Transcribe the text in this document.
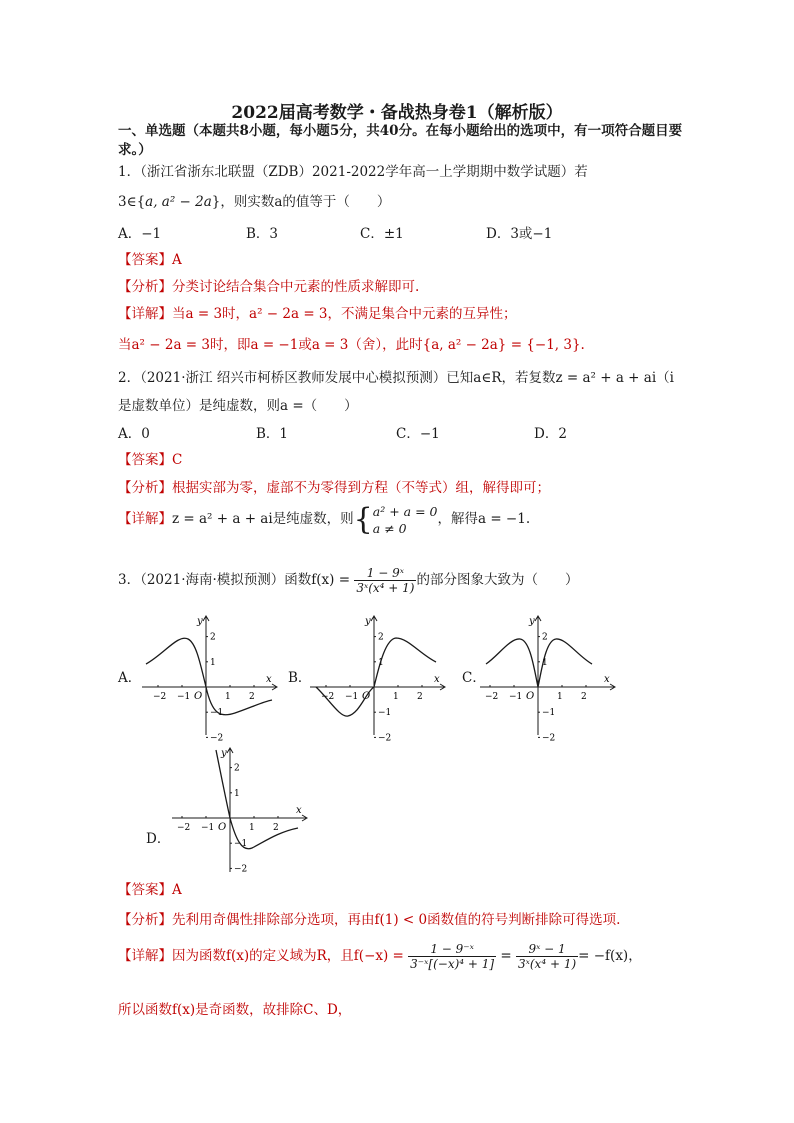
2022届高考数学・备战热身卷1（解析版）
一、单选题（本题共8小题，每小题5分，共40分。在每小题给出的选项中，有一项符合题目要求。）
1．（浙江省浙东北联盟（ZDB）2021-2022学年高一上学期期中数学试题）若
3∈{a, a² − 2a}，则实数a的值等于（　　）
A．−1	B．3	C．±1	D．3或−1
【答案】A
【分析】分类讨论结合集合中元素的性质求解即可.
【详解】当a = 3时，a² − 2a = 3，不满足集合中元素的互异性；
当a² − 2a = 3时，即a = −1或a = 3（舍），此时{a, a² − 2a} = {−1, 3}.
2．（2021·浙江 绍兴市柯桥区教师发展中心模拟预测）已知a∈R，若复数z = a² + a + ai（i
是虚数单位）是纯虚数，则a =（　　）
A．0	B．1	C．−1	D．2
【答案】C
【分析】根据实部为零，虚部不为零得到方程（不等式）组，解得即可；
【详解】z = a² + a + ai是纯虚数，则{ a² + a = 0
a ≠ 0
，解得a = −1.
3．（2021·海南·模拟预测）函数$f(x) = \frac{\text{1 − 9ˣ}}{\text{3ˣ(x⁴ + 1)}}$ 的部分图象大致为（　　）
A．	B．	C．
D．
x
y
O
−2 −1	1 2
2
1
−1
−2
x
y
O
−2 −1	1 2
2
1
−1
−2
x
y
O
−2 −1	1 2
2
1
−1
−2
x
y
O
−2 −1	1 2
2
1
−1
−2
【答案】A
【分析】先利用奇偶性排除部分选项，再由f(1) < 0函数值的符号判断排除可得选项.
【详解】因为函数f(x)的定义域为R，且$f(-x) = \frac{\text{1 − 9⁻ˣ}}{\text{3⁻ˣ[(−x)⁴ + 1]}} = \frac{\text{9ˣ − 1}}{\text{3ˣ(x⁴ + 1)}} = -f(x)$，
所以函数f(x)是奇函数，故排除C、D，
